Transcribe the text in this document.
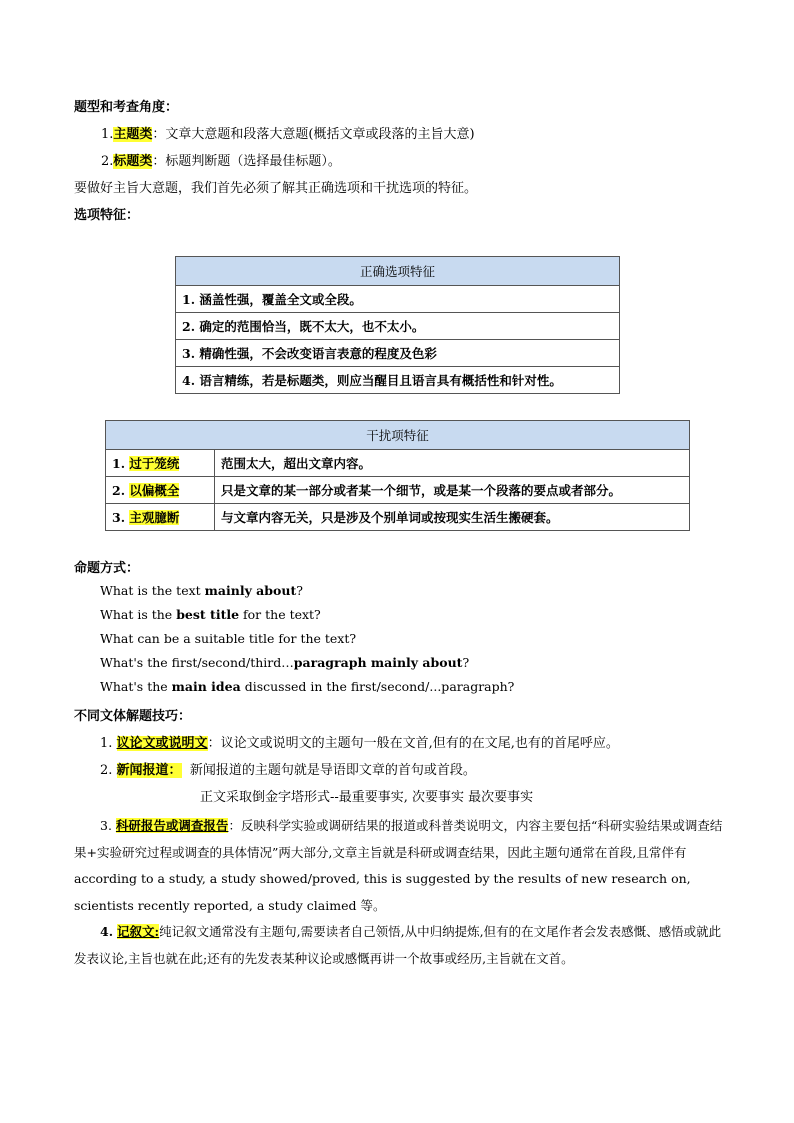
题型和考查角度：
1.主题类：文章大意题和段落大意题(概括文章或段落的主旨大意)
2.标题类：标题判断题（选择最佳标题）。
要做好主旨大意题，我们首先必须了解其正确选项和干扰选项的特征。
选项特征：
正确选项特征
1. 涵盖性强，覆盖全文或全段。
2. 确定的范围恰当，既不太大，也不太小。
3. 精确性强，不会改变语言表意的程度及色彩
4. 语言精练，若是标题类，则应当醒目且语言具有概括性和针对性。
干扰项特征	
1. 过于笼统	范围太大，超出文章内容。
2. 以偏概全	只是文章的某一部分或者某一个细节，或是某一个段落的要点或者部分。
3. 主观臆断	与文章内容无关，只是涉及个别单词或按现实生活生搬硬套。
命题方式：
What is the text mainly about?
What is the best title for the text?
What can be a suitable title for the text?
What's the first/second/third…paragraph mainly about?
What's the main idea discussed in the first/second/...paragraph?
不同文体解题技巧：
1. 议论文或说明文：议论文或说明文的主题句一般在文首,但有的在文尾,也有的首尾呼应。
2. 新闻报道： 新闻报道的主题句就是导语即文章的首句或首段。
正文采取倒金字塔形式--最重要事实, 次要事实 最次要事实
3. 科研报告或调查报告：反映科学实验或调研结果的报道或科普类说明文，内容主要包括“科研实验结果或调查结果+实验研究过程或调查的具体情况”两大部分,文章主旨就是科研或调查结果，因此主题句通常在首段,且常伴有 according to a study, a study showed/proved, this is suggested by the results of new research on, scientists recently reported, a study claimed 等。
4. 记叙文:纯记叙文通常没有主题句,需要读者自己领悟,从中归纳提炼,但有的在文尾作者会发表感慨、感悟或就此发表议论,主旨也就在此;还有的先发表某种议论或感慨再讲一个故事或经历,主旨就在文首。
